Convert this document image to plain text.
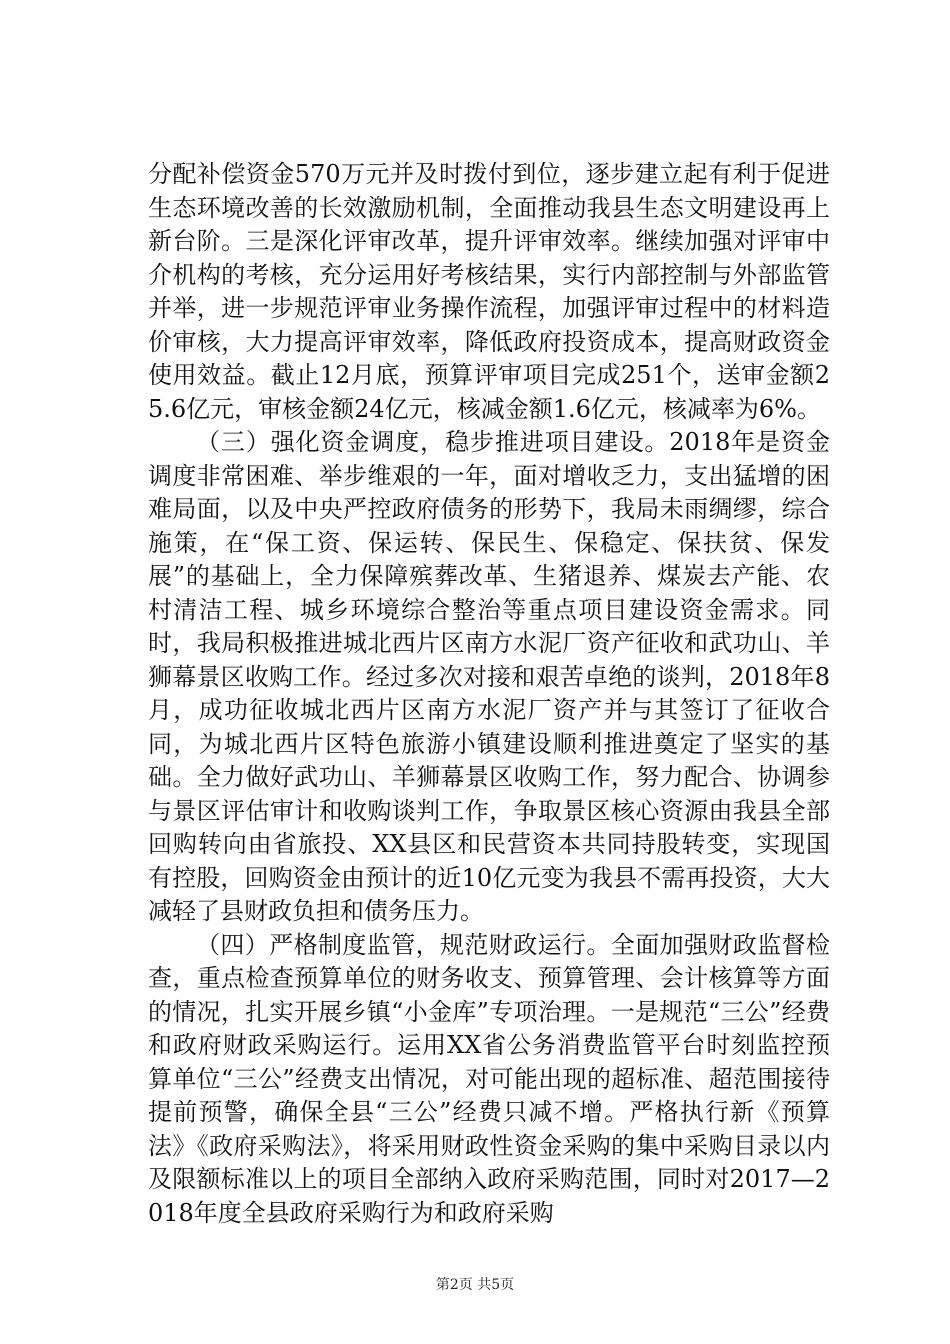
分配补偿资金570万元并及时拨付到位，逐步建立起有利于促进生态环境改善的长效激励机制，全面推动我县生态文明建设再上新台阶。三是深化评审改革，提升评审效率。继续加强对评审中介机构的考核，充分运用好考核结果，实行内部控制与外部监管并举，进一步规范评审业务操作流程，加强评审过程中的材料造价审核，大力提高评审效率，降低政府投资成本，提高财政资金使用效益。截止12月底，预算评审项目完成251个，送审金额25.6亿元，审核金额24亿元，核减金额1.6亿元，核减率为6%。

（三）强化资金调度，稳步推进项目建设。2018年是资金调度非常困难、举步维艰的一年，面对增收乏力，支出猛增的困难局面，以及中央严控政府债务的形势下，我局未雨绸缪，综合施策，在“保工资、保运转、保民生、保稳定、保扶贫、保发展”的基础上，全力保障殡葬改革、生猪退养、煤炭去产能、农村清洁工程、城乡环境综合整治等重点项目建设资金需求。同时，我局积极推进城北西片区南方水泥厂资产征收和武功山、羊狮幕景区收购工作。经过多次对接和艰苦卓绝的谈判，2018年8月，成功征收城北西片区南方水泥厂资产并与其签订了征收合同，为城北西片区特色旅游小镇建设顺利推进奠定了坚实的基础。全力做好武功山、羊狮幕景区收购工作，努力配合、协调参与景区评估审计和收购谈判工作，争取景区核心资源由我县全部回购转向由省旅投、XX县区和民营资本共同持股转变，实现国有控股，回购资金由预计的近10亿元变为我县不需再投资，大大减轻了县财政负担和债务压力。

（四）严格制度监管，规范财政运行。全面加强财政监督检查，重点检查预算单位的财务收支、预算管理、会计核算等方面的情况，扎实开展乡镇“小金库”专项治理。一是规范“三公”经费和政府财政采购运行。运用XX省公务消费监管平台时刻监控预算单位“三公”经费支出情况，对可能出现的超标准、超范围接待提前预警，确保全县“三公”经费只减不增。严格执行新《预算法》《政府采购法》，将采用财政性资金采购的集中采购目录以内及限额标准以上的项目全部纳入政府采购范围，同时对2017—2018年度全县政府采购行为和政府采购

第2页 共5页
